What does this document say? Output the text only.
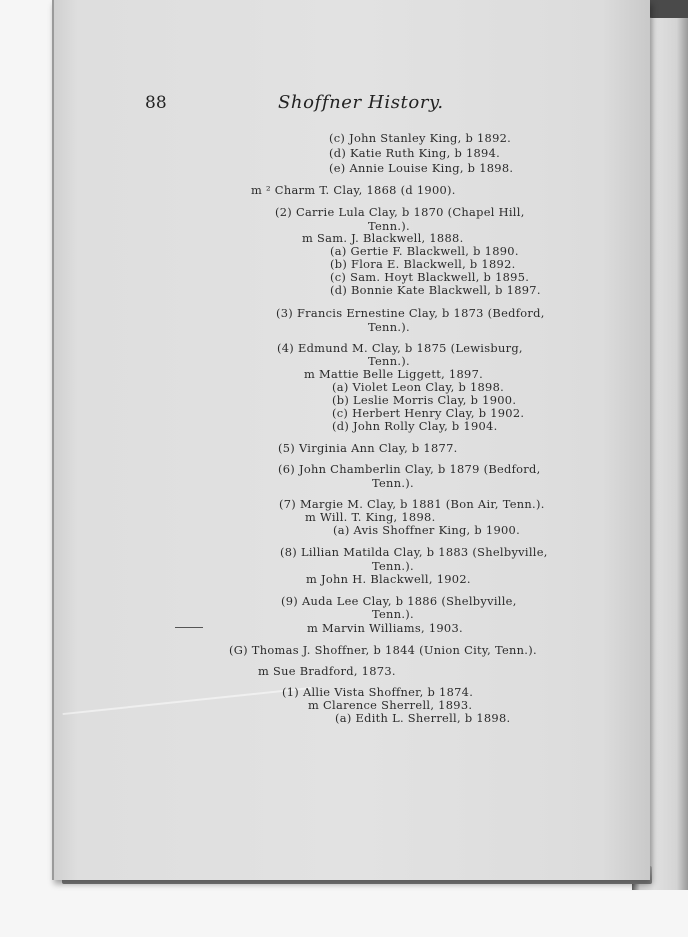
88	Shoffner History.
(c) John Stanley King, b 1892.
(d) Katie Ruth King, b 1894.
(e) Annie Louise King, b 1898.
m ² Charm T. Clay, 1868 (d 1900).
(2) Carrie Lula Clay, b 1870 (Chapel Hill,
Tenn.).
m Sam. J. Blackwell, 1888.
(a) Gertie F. Blackwell, b 1890.
(b) Flora E. Blackwell, b 1892.
(c) Sam. Hoyt Blackwell, b 1895.
(d) Bonnie Kate Blackwell, b 1897.
(3) Francis Ernestine Clay, b 1873 (Bedford,
Tenn.).
(4) Edmund M. Clay, b 1875 (Lewisburg,
Tenn.).
m Mattie Belle Liggett, 1897.
(a) Violet Leon Clay, b 1898.
(b) Leslie Morris Clay, b 1900.
(c) Herbert Henry Clay, b 1902.
(d) John Rolly Clay, b 1904.
(5) Virginia Ann Clay, b 1877.
(6) John Chamberlin Clay, b 1879 (Bedford,
Tenn.).
(7) Margie M. Clay, b 1881 (Bon Air, Tenn.).
m Will. T. King, 1898.
(a) Avis Shoffner King, b 1900.
(8) Lillian Matilda Clay, b 1883 (Shelbyville,
Tenn.).
m John H. Blackwell, 1902.
(9) Auda Lee Clay, b 1886 (Shelbyville,
Tenn.).
m Marvin Williams, 1903.
(G) Thomas J. Shoffner, b 1844 (Union City, Tenn.).
m Sue Bradford, 1873.
(1) Allie Vista Shoffner, b 1874.
m Clarence Sherrell, 1893.
(a) Edith L. Sherrell, b 1898.
